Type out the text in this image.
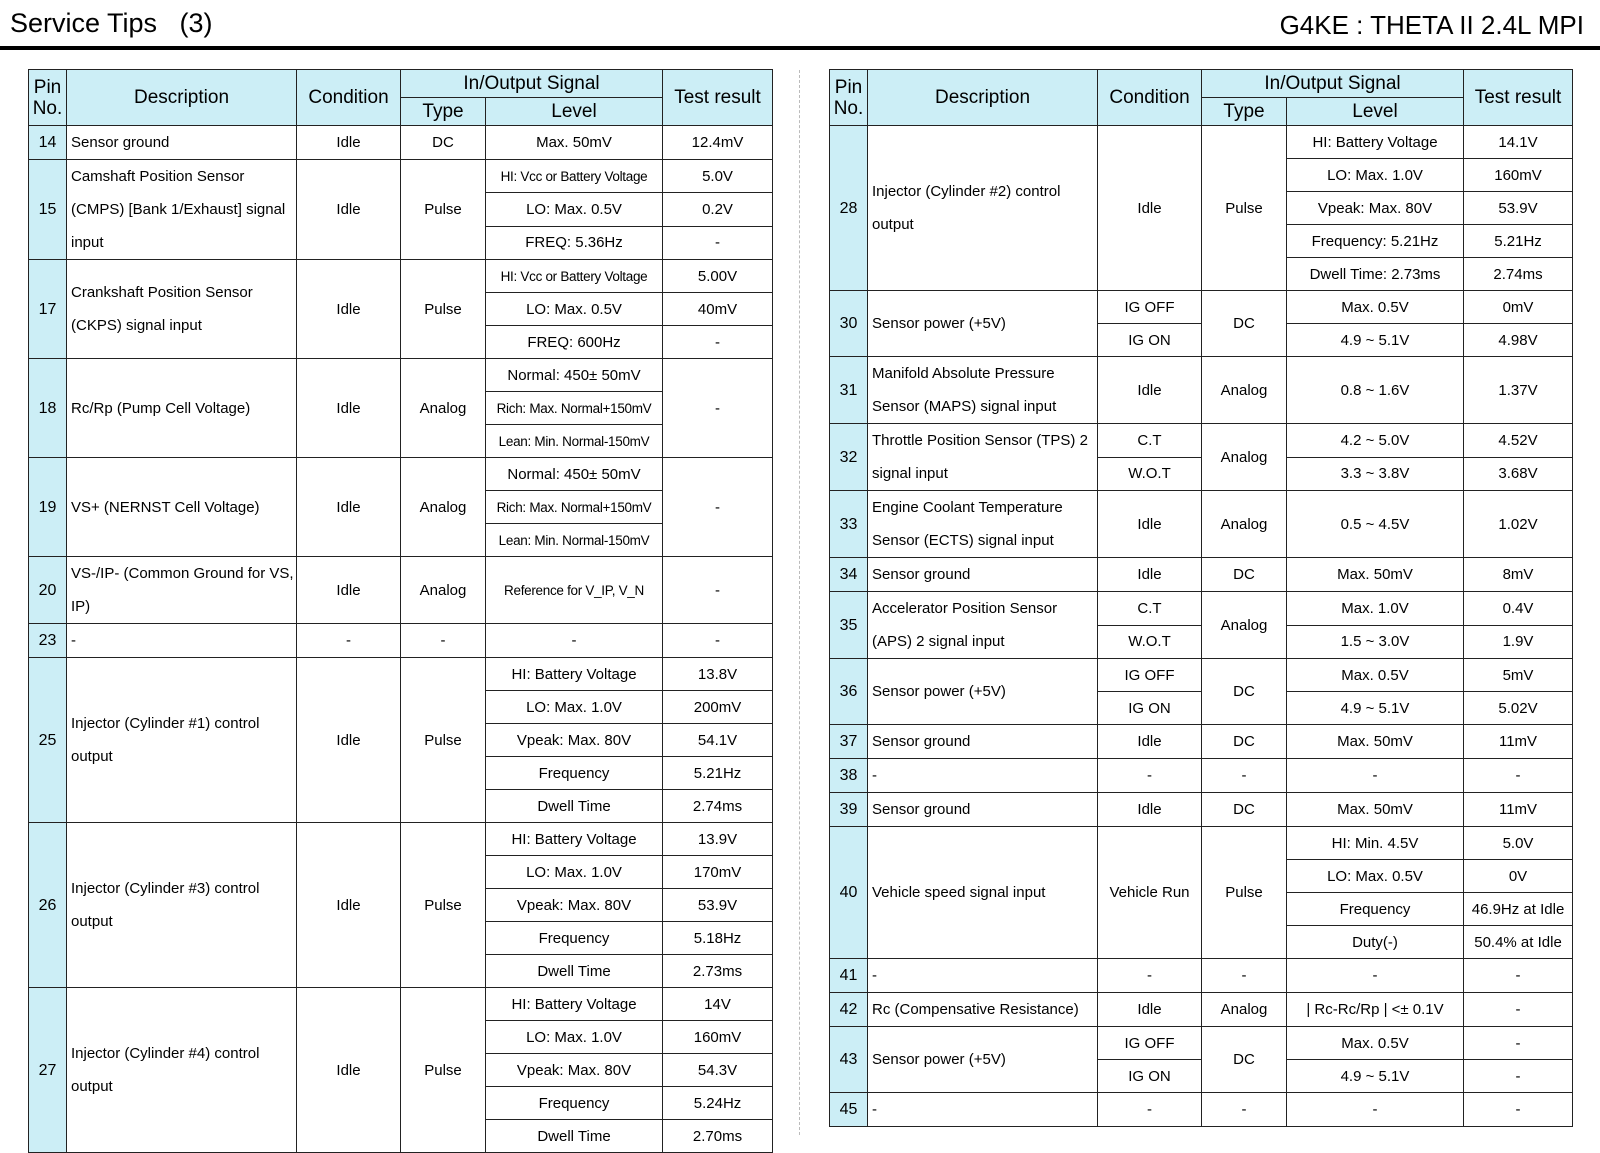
Service Tips   (3)	G4KE : THETA II 2.4L MPI
Pin
No.	Description	Condition	In/Output Signal		Test result
			Type	Level	
14	Sensor ground	Idle	DC	Max. 50mV	12.4mV
15	Camshaft Position Sensor (CMPS) [Bank 1/Exhaust] signal input	Idle	Pulse	HI: Vcc or Battery Voltage	5.0V
				LO: Max. 0.5V	0.2V
				FREQ: 5.36Hz	-
17	Crankshaft Position Sensor (CKPS) signal input	Idle	Pulse	HI: Vcc or Battery Voltage	5.00V
				LO: Max. 0.5V	40mV
				FREQ: 600Hz	-
18	Rc/Rp (Pump Cell Voltage)	Idle	Analog	Normal: 450± 50mV	-
				Rich: Max. Normal+150mV	
				Lean: Min. Normal-150mV	
19	VS+ (NERNST Cell Voltage)	Idle	Analog	Normal: 450± 50mV	-
				Rich: Max. Normal+150mV	
				Lean: Min. Normal-150mV	
20	VS-/IP- (Common Ground for VS, IP)	Idle	Analog	Reference for V_IP, V_N	-
23	-	-	-	-	-
25	Injector (Cylinder #1) control output	Idle	Pulse	HI: Battery Voltage	13.8V
				LO: Max. 1.0V	200mV
				Vpeak: Max. 80V	54.1V
				Frequency	5.21Hz
				Dwell Time	2.74ms
26	Injector (Cylinder #3) control output	Idle	Pulse	HI: Battery Voltage	13.9V
				LO: Max. 1.0V	170mV
				Vpeak: Max. 80V	53.9V
				Frequency	5.18Hz
				Dwell Time	2.73ms
27	Injector (Cylinder #4) control output	Idle	Pulse	HI: Battery Voltage	14V
				LO: Max. 1.0V	160mV
				Vpeak: Max. 80V	54.3V
				Frequency	5.24Hz
				Dwell Time	2.70ms
Pin
No.	Description	Condition	In/Output Signal		Test result
			Type	Level	
28	Injector (Cylinder #2) control output	Idle	Pulse	HI: Battery Voltage	14.1V
				LO: Max. 1.0V	160mV
				Vpeak: Max. 80V	53.9V
				Frequency: 5.21Hz	5.21Hz
				Dwell Time: 2.73ms	2.74ms
30	Sensor power (+5V)	IG OFF	DC	Max. 0.5V	0mV
		IG ON		4.9 ~ 5.1V	4.98V
31	Manifold Absolute Pressure Sensor (MAPS) signal input	Idle	Analog	0.8 ~ 1.6V	1.37V

32	Throttle Position Sensor (TPS) 2 signal input	C.T	Analog	4.2 ~ 5.0V	4.52V
		W.O.T		3.3 ~ 3.8V	3.68V
33	Engine Coolant Temperature Sensor (ECTS) signal input	Idle	Analog	0.5 ~ 4.5V	1.02V

34	Sensor ground	Idle	DC	Max. 50mV	8mV
35	Accelerator Position Sensor (APS) 2 signal input	C.T	Analog	Max. 1.0V	0.4V
		W.O.T		1.5 ~ 3.0V	1.9V
36	Sensor power (+5V)	IG OFF	DC	Max. 0.5V	5mV
		IG ON		4.9 ~ 5.1V	5.02V
37	Sensor ground	Idle	DC	Max. 50mV	11mV
38	-	-	-	-	-
39	Sensor ground	Idle	DC	Max. 50mV	11mV
40	Vehicle speed signal input	Vehicle Run	Pulse	HI: Min. 4.5V	5.0V
				LO: Max. 0.5V	0V
				Frequency	46.9Hz at Idle
				Duty(-)	50.4% at Idle
41	-	-	-	-	-
42	Rc (Compensative Resistance)	Idle	Analog	| Rc-Rc/Rp | <± 0.1V	-
43	Sensor power (+5V)	IG OFF	DC	Max. 0.5V	-
		IG ON		4.9 ~ 5.1V	-
45	-	-	-	-	-
